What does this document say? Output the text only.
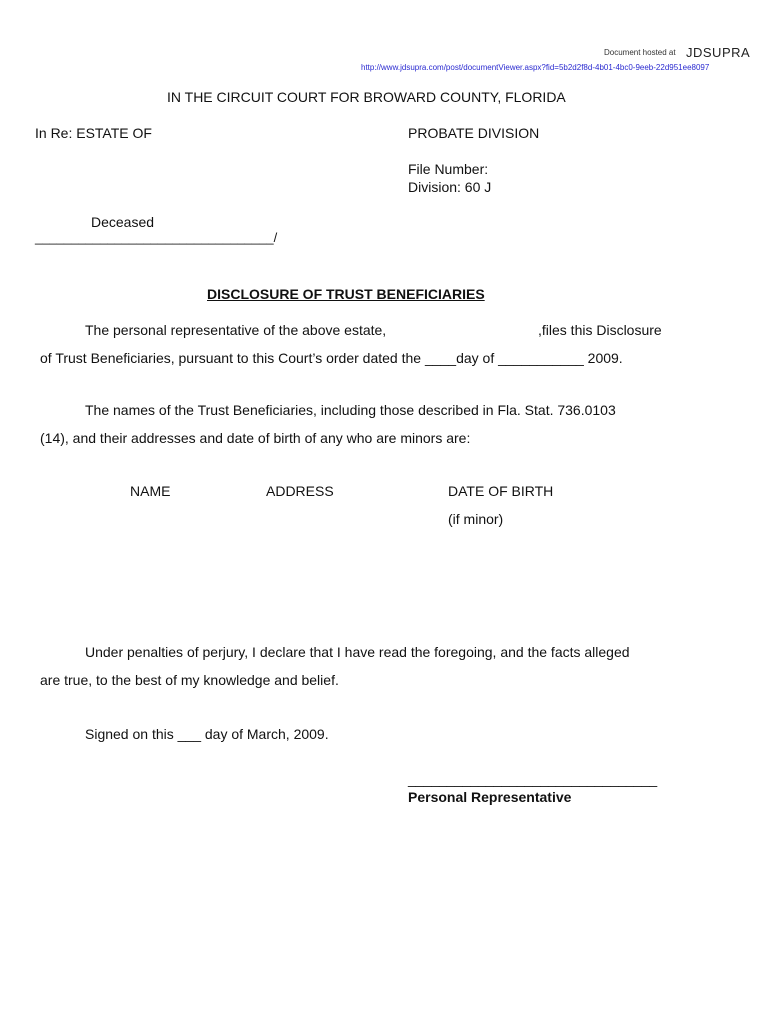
Document hosted at JDSUPRA
http://www.jdsupra.com/post/documentViewer.aspx?fid=5b2d2f8d-4b01-4bc0-9eeb-22d951ee8097
IN THE CIRCUIT COURT FOR BROWARD COUNTY, FLORIDA
In Re: ESTATE OF	PROBATE DIVISION
File Number:
Division: 60 J
Deceased
_________________________________/
DISCLOSURE OF TRUST BENEFICIARIES
The personal representative of the above estate,	,files this Disclosure
of Trust Beneficiaries, pursuant to this Court’s order dated the ____day of ___________ 2009.
The names of the Trust Beneficiaries, including those described in Fla. Stat. 736.0103
(14), and their addresses and date of birth of any who are minors are:
NAME	ADDRESS	DATE OF BIRTH
(if minor)
Under penalties of perjury, I declare that I have read the foregoing, and the facts alleged
are true, to the best of my knowledge and belief.
Signed on this ___ day of March, 2009.
________________________________
Personal Representative
